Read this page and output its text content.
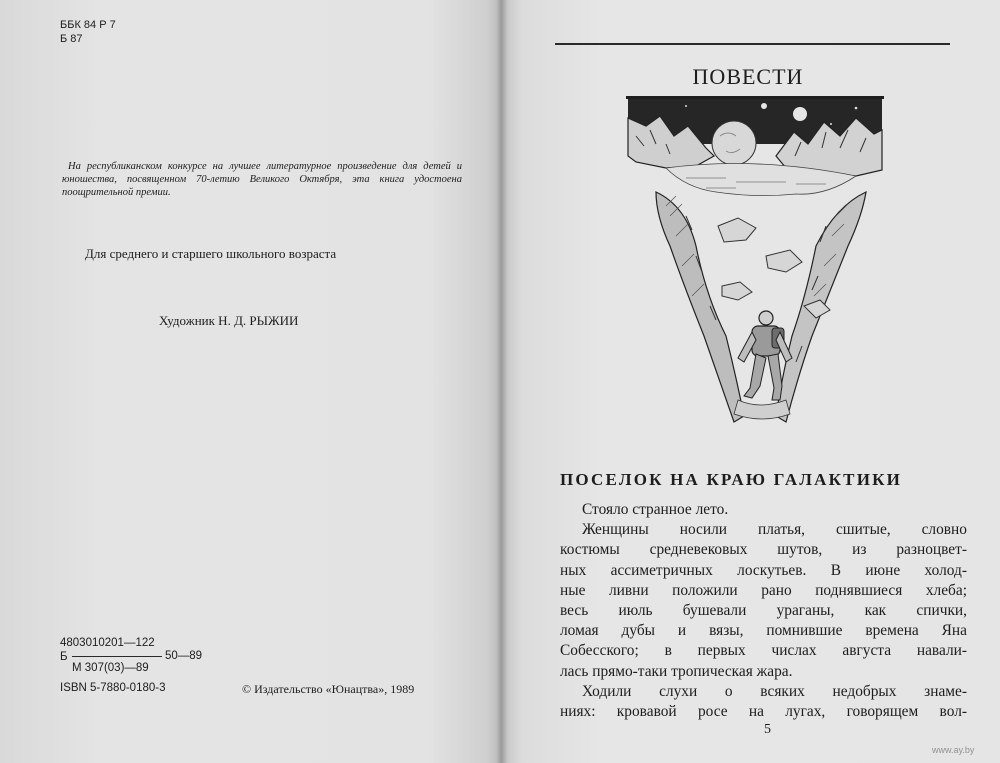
ББК 84 Р 7
Б 87
На республиканском конкурсе на лучшее литературное произведение для детей и юношества, посвященном 70-летию Великого Октября, эта книга удостоена поощрительной премии.
Для среднего и старшего школьного возраста
Художник Н. Д. РЫЖИИ
4803010201—122
Б	50—89
М 307(03)—89
ISBN 5-7880-0180-3	© Издательство «Юнацтва», 1989
ПОВЕСТИ
ПОСЕЛОК НА КРАЮ ГАЛАКТИКИ
Стояло странное лето.
Женщины носили платья, сшитые, словно
костюмы средневековых шутов, из разноцвет-
ных ассиметричных лоскутьев. В июне холод-
ные ливни положили рано поднявшиеся хлеба;
весь июль бушевали ураганы, как спички,
ломая дубы и вязы, помнившие времена Яна
Собесского; в первых числах августа навали-
лась прямо-таки тропическая жара.
Ходили слухи о всяких недобрых знаме-
ниях: кровавой росе на лугах, говорящем вол-
5
www.ay.by
